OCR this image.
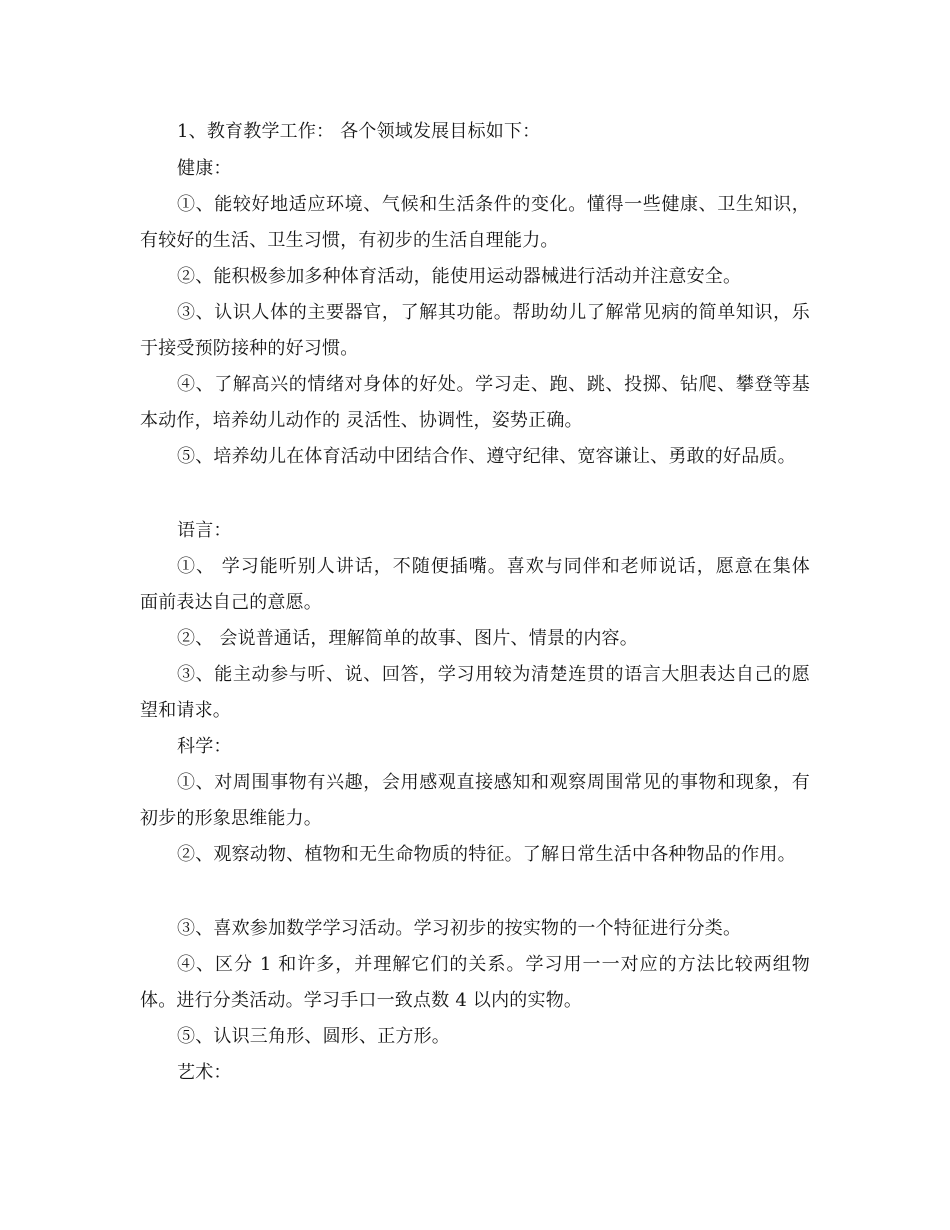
1、教育教学工作： 各个领域发展目标如下：
健康：
①、能较好地适应环境、气候和生活条件的变化。懂得一些健康、卫生知识，
有较好的生活、卫生习惯，有初步的生活自理能力。
②、能积极参加多种体育活动，能使用运动器械进行活动并注意安全。
③、认识人体的主要器官，了解其功能。帮助幼儿了解常见病的简单知识，乐
于接受预防接种的好习惯。
④、了解高兴的情绪对身体的好处。学习走、跑、跳、投掷、钻爬、攀登等基
本动作，培养幼儿动作的 灵活性、协调性，姿势正确。
⑤、培养幼儿在体育活动中团结合作、遵守纪律、宽容谦让、勇敢的好品质。
语言：
①、 学习能听别人讲话，不随便插嘴。喜欢与同伴和老师说话，愿意在集体
面前表达自己的意愿。
②、 会说普通话，理解简单的故事、图片、情景的内容。
③、能主动参与听、说、回答，学习用较为清楚连贯的语言大胆表达自己的愿
望和请求。
科学：
①、对周围事物有兴趣，会用感观直接感知和观察周围常见的事物和现象，有
初步的形象思维能力。
②、观察动物、植物和无生命物质的特征。了解日常生活中各种物品的作用。
③、喜欢参加数学学习活动。学习初步的按实物的一个特征进行分类。
④、区分 1 和许多，并理解它们的关系。学习用一一对应的方法比较两组物
体。进行分类活动。学习手口一致点数 4 以内的实物。
⑤、认识三角形、圆形、正方形。
艺术：
